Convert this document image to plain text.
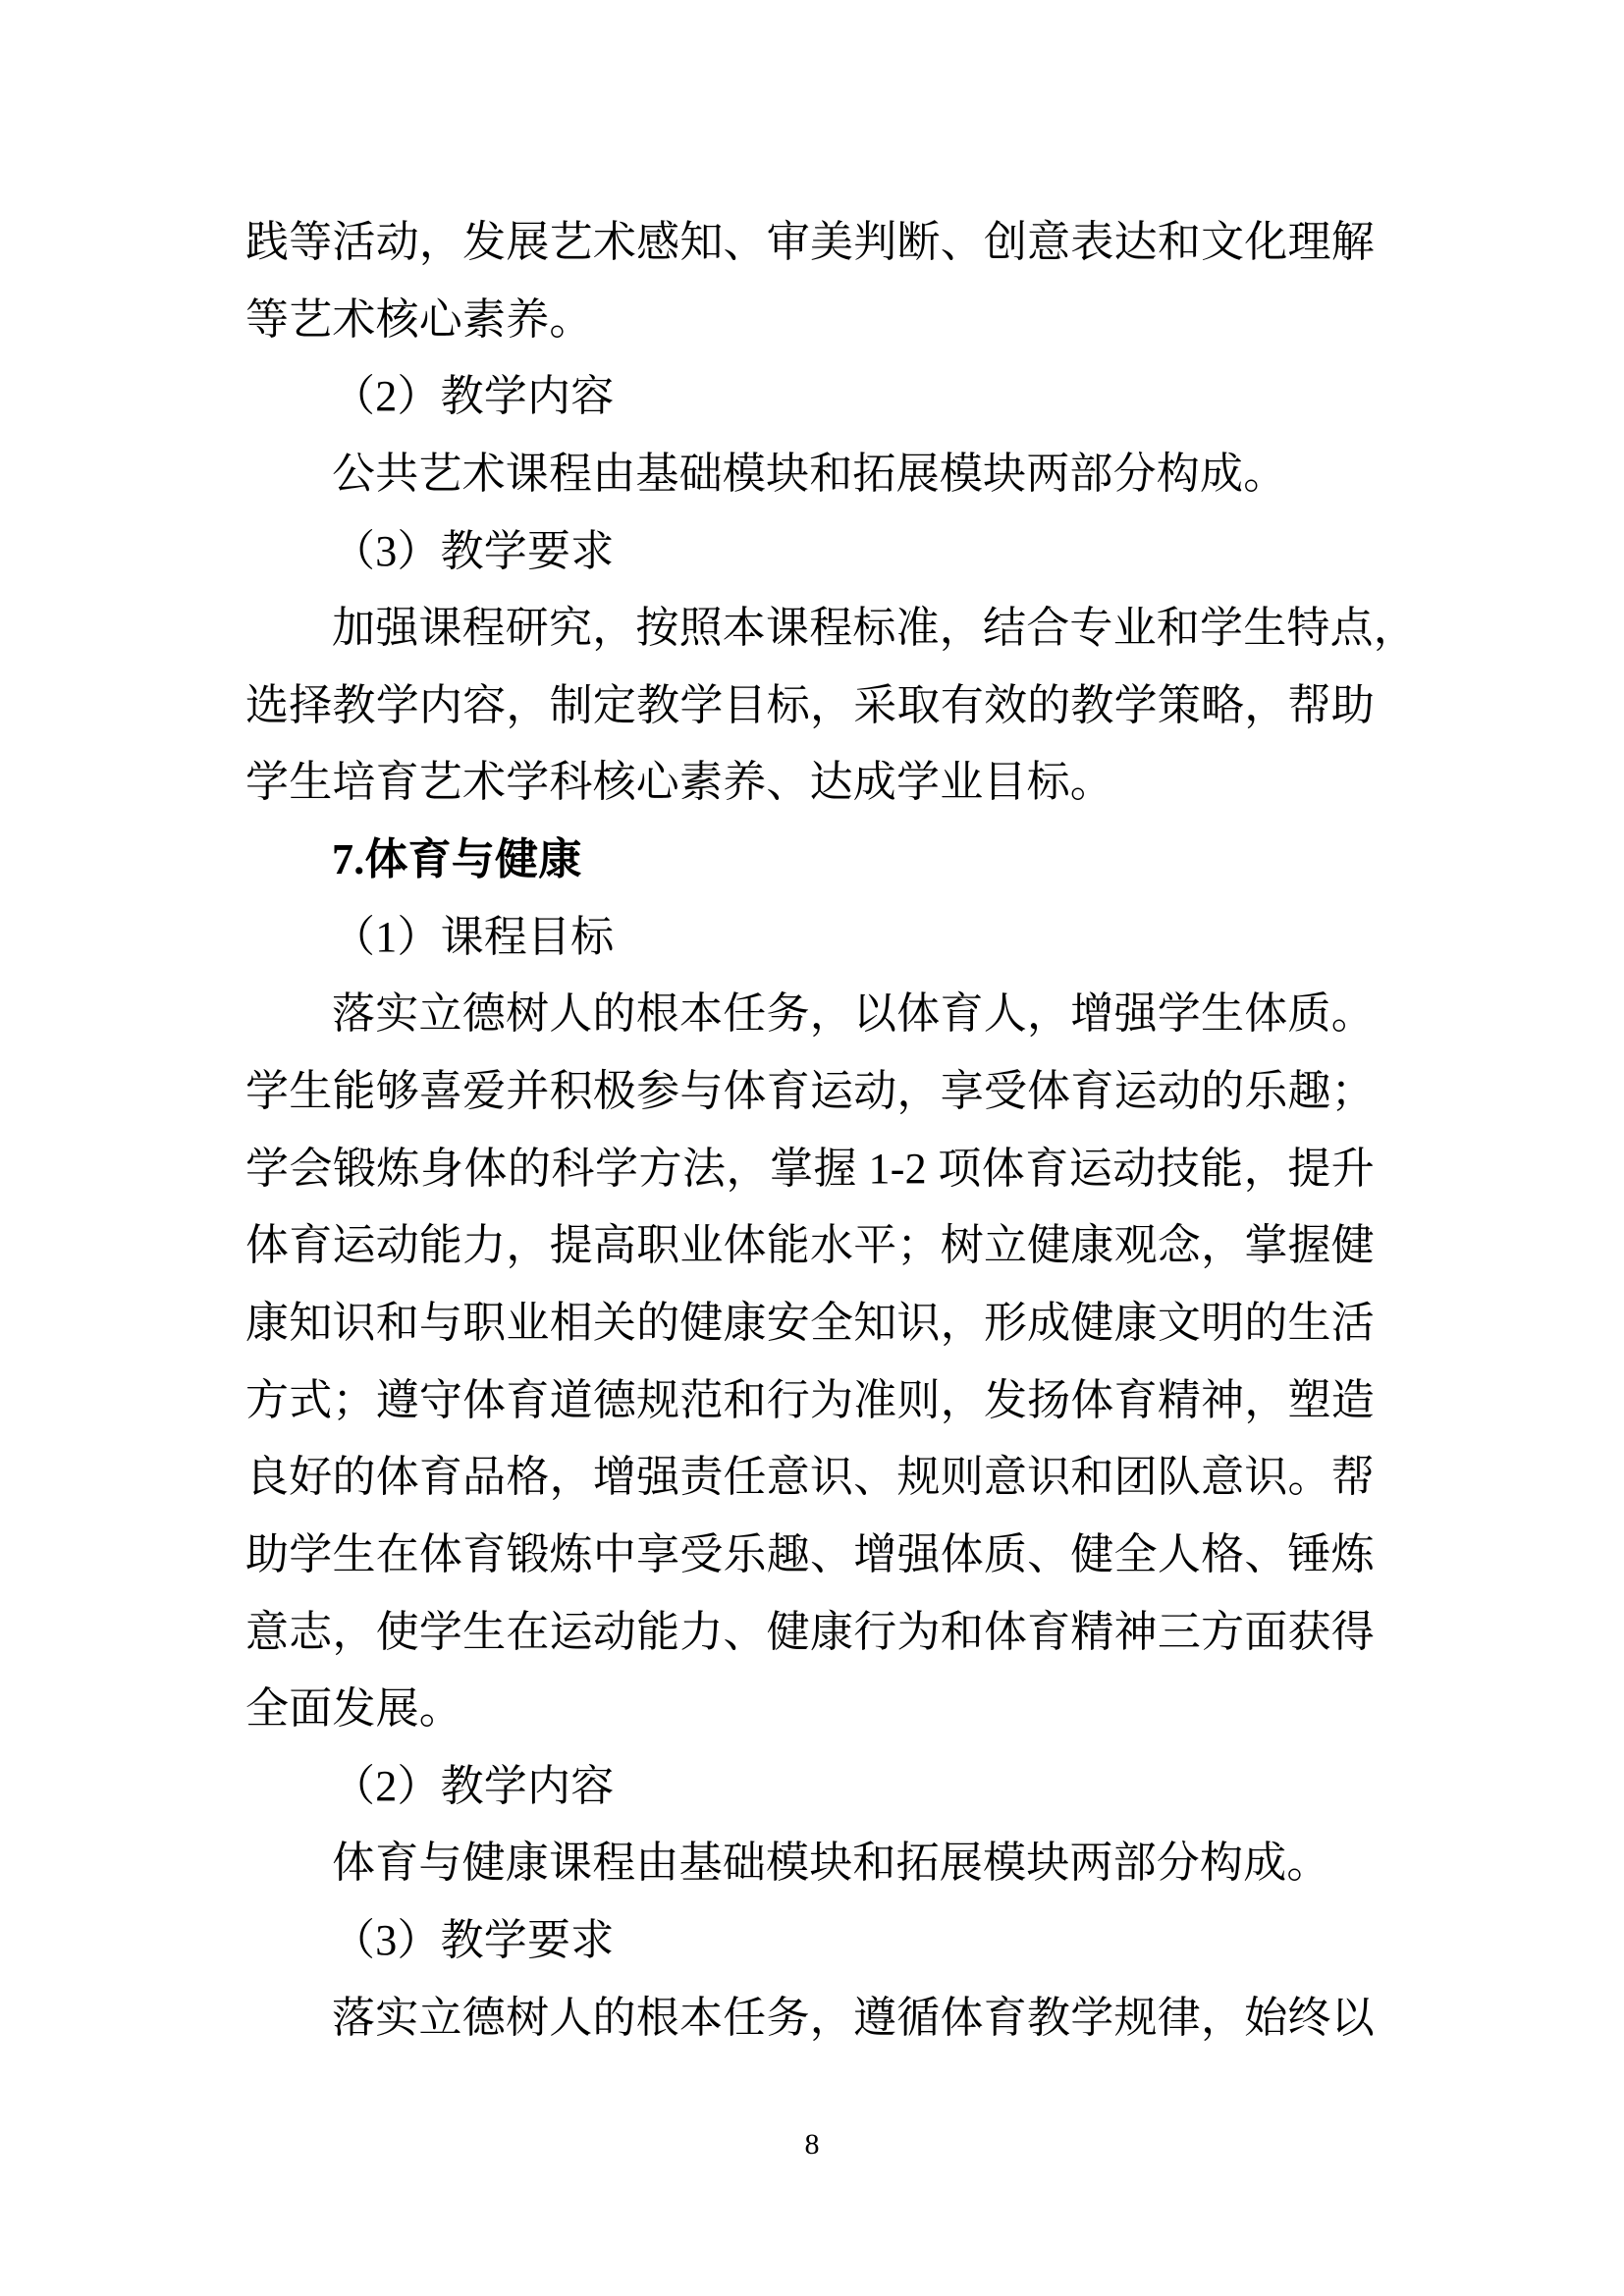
践等活动，发展艺术感知、审美判断、创意表达和文化理解
等艺术核心素养。
（2）教学内容
公共艺术课程由基础模块和拓展模块两部分构成。
（3）教学要求
加强课程研究，按照本课程标准，结合专业和学生特点，
选择教学内容，制定教学目标，采取有效的教学策略，帮助
学生培育艺术学科核心素养、达成学业目标。
7.体育与健康
（1）课程目标
落实立德树人的根本任务，以体育人，增强学生体质。
学生能够喜爱并积极参与体育运动，享受体育运动的乐趣；
学会锻炼身体的科学方法，掌握 1-2 项体育运动技能，提升
体育运动能力，提高职业体能水平；树立健康观念，掌握健
康知识和与职业相关的健康安全知识，形成健康文明的生活
方式；遵守体育道德规范和行为准则，发扬体育精神，塑造
良好的体育品格，增强责任意识、规则意识和团队意识。帮
助学生在体育锻炼中享受乐趣、增强体质、健全人格、锤炼
意志，使学生在运动能力、健康行为和体育精神三方面获得
全面发展。
（2）教学内容
体育与健康课程由基础模块和拓展模块两部分构成。
（3）教学要求
落实立德树人的根本任务，遵循体育教学规律，始终以
8
